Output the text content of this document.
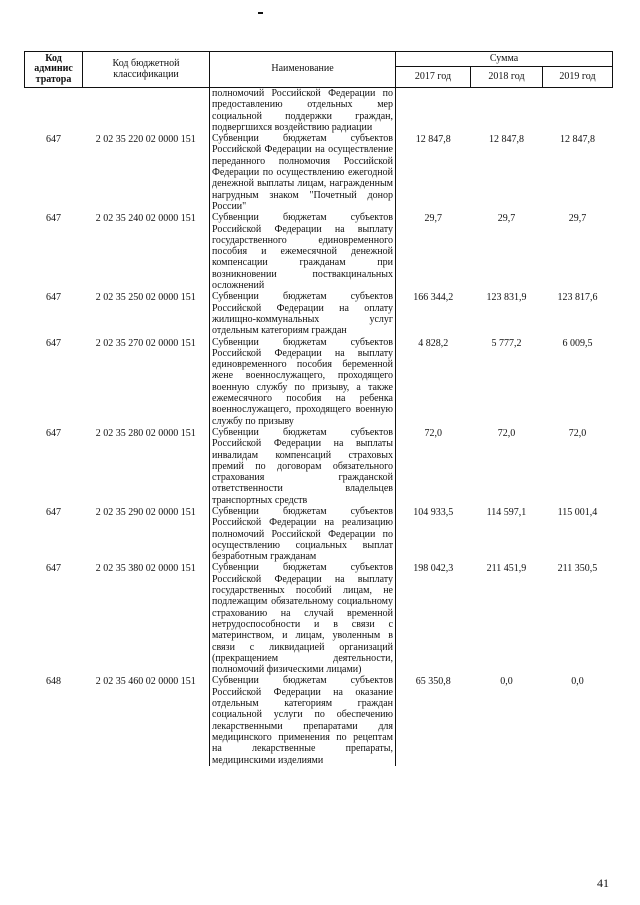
Код админис тратора	Код бюджетной классификации	Наименование	Сумма		
			2017 год	2018 год	2019 год
		полномочий Российской Федерации по предоставлению отдельных мер социальной поддержки граждан, подвергшихся воздействию радиации			
647	2 02 35 220 02 0000 151	Субвенции бюджетам субъектов Российской Федерации на осуществление переданного полномочия Российской Федерации по осуществлению ежегодной денежной выплаты лицам, награжденным нагрудным знаком "Почетный донор России"	12 847,8	12 847,8	12 847,8
647	2 02 35 240 02 0000 151	Субвенции бюджетам субъектов Российской Федерации на выплату государственного единовременного пособия и ежемесячной денежной компенсации гражданам при возникновении поствакцинальных осложнений	29,7	29,7	29,7
647	2 02 35 250 02 0000 151	Субвенции бюджетам субъектов Российской Федерации на оплату жилищно-коммунальных услуг отдельным категориям граждан	166 344,2	123 831,9	123 817,6
647	2 02 35 270 02 0000 151	Субвенции бюджетам субъектов Российской Федерации на выплату единовременного пособия беременной жене военнослужащего, проходящего военную службу по призыву, а также ежемесячного пособия на ребенка военнослужащего, проходящего военную службу по призыву	4 828,2	5 777,2	6 009,5
647	2 02 35 280 02 0000 151	Субвенции бюджетам субъектов Российской Федерации на выплаты инвалидам компенсаций страховых премий по договорам обязательного страхования гражданской ответственности владельцев транспортных средств	72,0	72,0	72,0
647	2 02 35 290 02 0000 151	Субвенции бюджетам субъектов Российской Федерации на реализацию полномочий Российской Федерации по осуществлению социальных выплат безработным гражданам	104 933,5	114 597,1	115 001,4
647	2 02 35 380 02 0000 151	Субвенции бюджетам субъектов Российской Федерации на выплату государственных пособий лицам, не подлежащим обязательному социальному страхованию на случай временной нетрудоспособности и в связи с материнством, и лицам, уволенным в связи с ликвидацией организаций (прекращением деятельности, полномочий физическими лицами)	198 042,3	211 451,9	211 350,5
648	2 02 35 460 02 0000 151	Субвенции бюджетам субъектов Российской Федерации на оказание отдельным категориям граждан социальной услуги по обеспечению лекарственными препаратами для медицинского применения по рецептам на лекарственные препараты, медицинскими изделиями	65 350,8	0,0	0,0
41
